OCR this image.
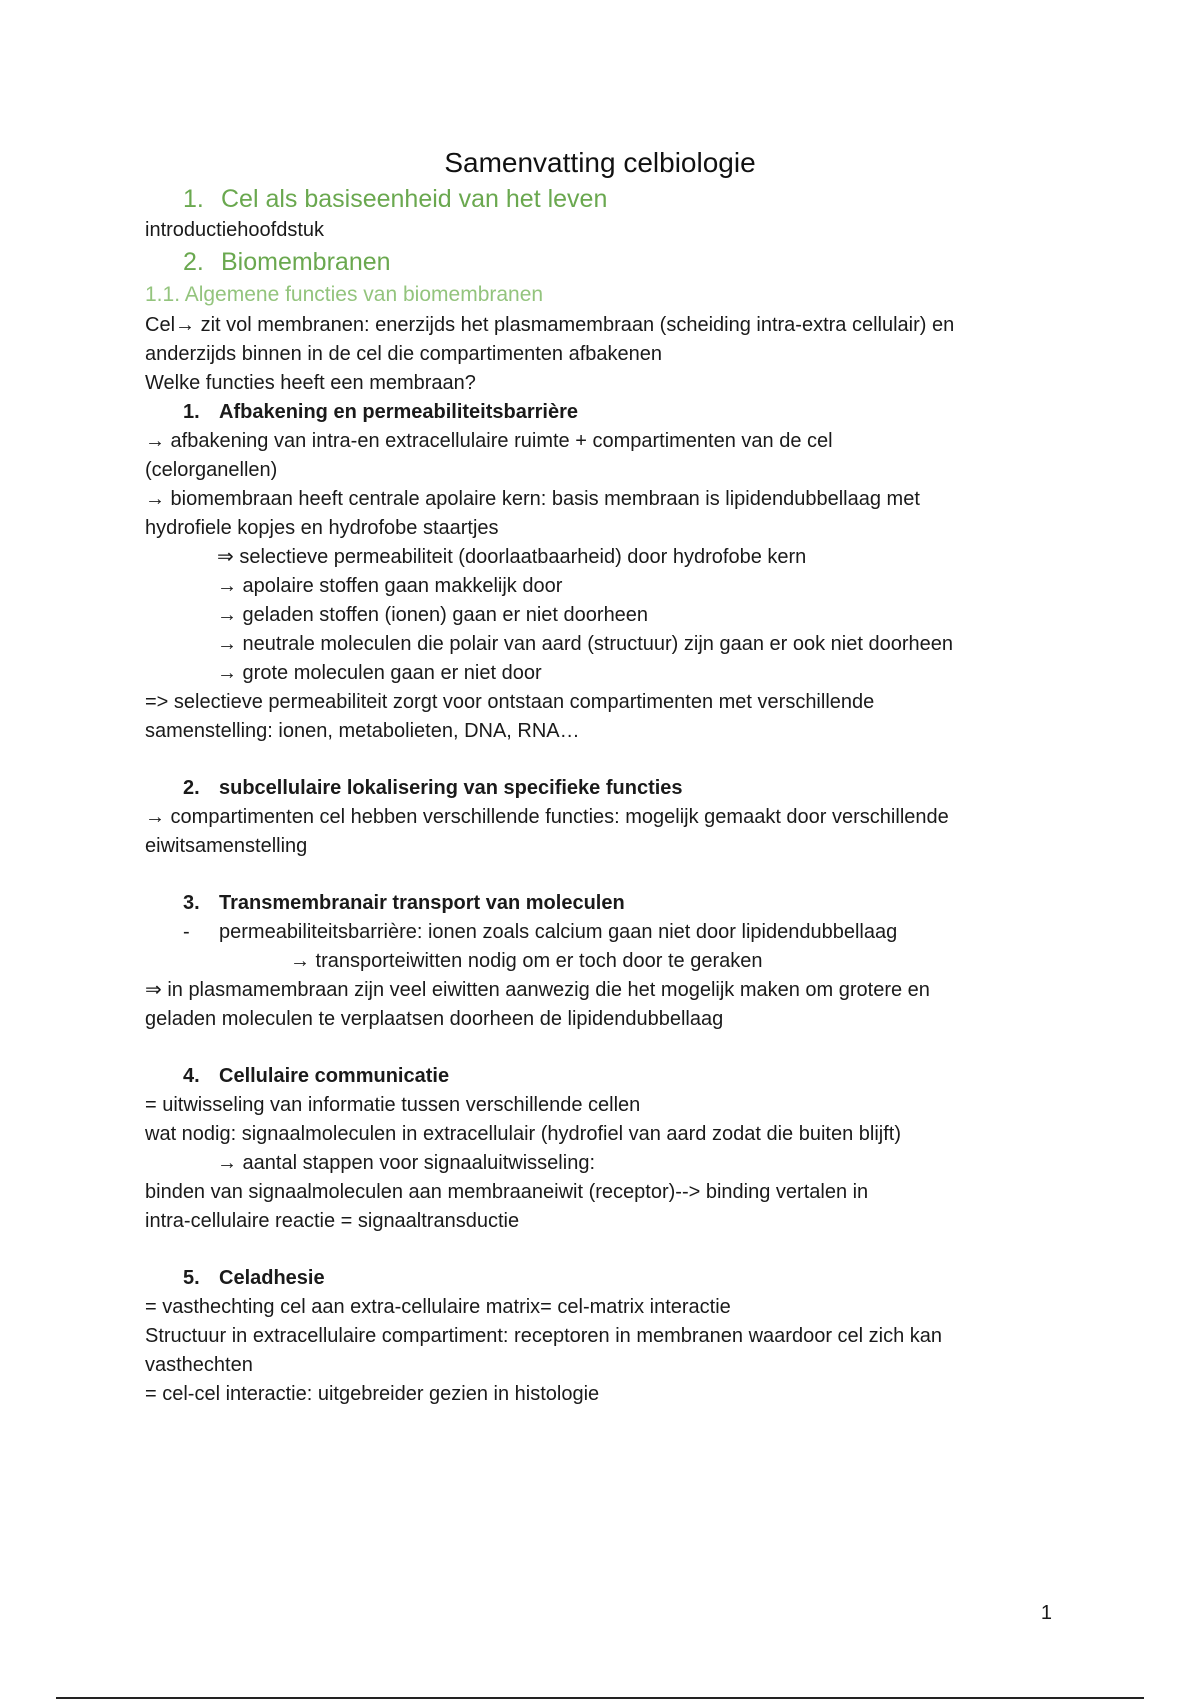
Samenvatting celbiologie
1. Cel als basiseenheid van het leven
introductiehoofdstuk
2. Biomembranen
1.1. Algemene functies van biomembranen
Cel→ zit vol membranen: enerzijds het plasmamembraan (scheiding intra-extra cellulair) en
anderzijds binnen in de cel die compartimenten afbakenen
Welke functies heeft een membraan?
1. Afbakening en permeabiliteitsbarrière
→ afbakening van intra-en extracellulaire ruimte + compartimenten van de cel
(celorganellen)
→ biomembraan heeft centrale apolaire kern: basis membraan is lipidendubbellaag met
hydrofiele kopjes en hydrofobe staartjes
⇒ selectieve permeabiliteit (doorlaatbaarheid) door hydrofobe kern
→ apolaire stoffen gaan makkelijk door
→ geladen stoffen (ionen) gaan er niet doorheen
→ neutrale moleculen die polair van aard (structuur) zijn gaan er ook niet doorheen
→ grote moleculen gaan er niet door
=> selectieve permeabiliteit zorgt voor ontstaan compartimenten met verschillende
samenstelling: ionen, metabolieten, DNA, RNA…
2. subcellulaire lokalisering van specifieke functies
→ compartimenten cel hebben verschillende functies: mogelijk gemaakt door verschillende
eiwitsamenstelling
3. Transmembranair transport van moleculen
- permeabiliteitsbarrière: ionen zoals calcium gaan niet door lipidendubbellaag
→ transporteiwitten nodig om er toch door te geraken
⇒ in plasmamembraan zijn veel eiwitten aanwezig die het mogelijk maken om grotere en
geladen moleculen te verplaatsen doorheen de lipidendubbellaag
4. Cellulaire communicatie
= uitwisseling van informatie tussen verschillende cellen
wat nodig: signaalmoleculen in extracellulair (hydrofiel van aard zodat die buiten blijft)
→ aantal stappen voor signaaluitwisseling:
binden van signaalmoleculen aan membraaneiwit (receptor)--> binding vertalen in
intra-cellulaire reactie = signaaltransductie
5. Celadhesie
= vasthechting cel aan extra-cellulaire matrix= cel-matrix interactie
Structuur in extracellulaire compartiment: receptoren in membranen waardoor cel zich kan
vasthechten
= cel-cel interactie: uitgebreider gezien in histologie
1
